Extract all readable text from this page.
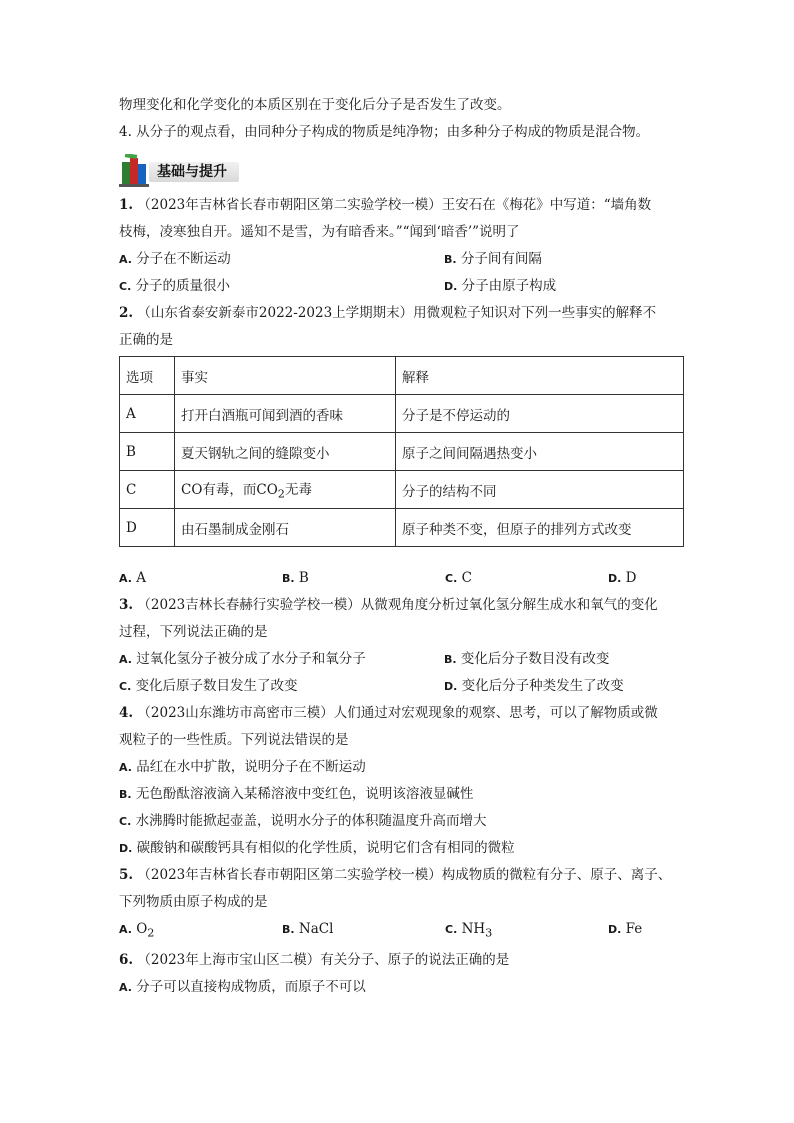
物理变化和化学变化的本质区别在于变化后分子是否发生了改变。
4. 从分子的观点看，由同种分子构成的物质是纯净物；由多种分子构成的物质是混合物。
基础与提升
1. （2023年吉林省长春市朝阳区第二实验学校一模）王安石在《梅花》中写道：“墙角数
枝梅，凌寒独自开。遥知不是雪，为有暗香来。”“闻到‘暗香’”说明了
A. 分子在不断运动	B. 分子间有间隔
C. 分子的质量很小	D. 分子由原子构成
2. （山东省泰安新泰市2022-2023上学期期末）用微观粒子知识对下列一些事实的解释不
正确的是
选项	事实	解释
A	打开白酒瓶可闻到酒的香味	分子是不停运动的
B	夏天钢轨之间的缝隙变小	原子之间间隔遇热变小
C	CO有毒，而$CO_2$无毒	分子的结构不同
D	由石墨制成金刚石	原子种类不变，但原子的排列方式改变
A. A	B. B	C. C	D. D
3. （2023吉林长春赫行实验学校一模）从微观角度分析过氧化氢分解生成水和氧气的变化
过程，下列说法正确的是
A. 过氧化氢分子被分成了水分子和氧分子	B. 变化后分子数目没有改变
C. 变化后原子数目发生了改变	D. 变化后分子种类发生了改变
4. （2023山东潍坊市高密市三模）人们通过对宏观现象的观察、思考，可以了解物质或微
观粒子的一些性质。下列说法错误的是
A. 品红在水中扩散，说明分子在不断运动
B. 无色酚酞溶液滴入某稀溶液中变红色，说明该溶液显碱性
C. 水沸腾时能掀起壶盖，说明水分子的体积随温度升高而增大
D. 碳酸钠和碳酸钙具有相似的化学性质，说明它们含有相同的微粒
5. （2023年吉林省长春市朝阳区第二实验学校一模）构成物质的微粒有分子、原子、离子、
下列物质由原子构成的是
A. $O_2$	B. NaCl	C. $NH_3$	D. Fe
6. （2023年上海市宝山区二模）有关分子、原子的说法正确的是
A. 分子可以直接构成物质，而原子不可以
